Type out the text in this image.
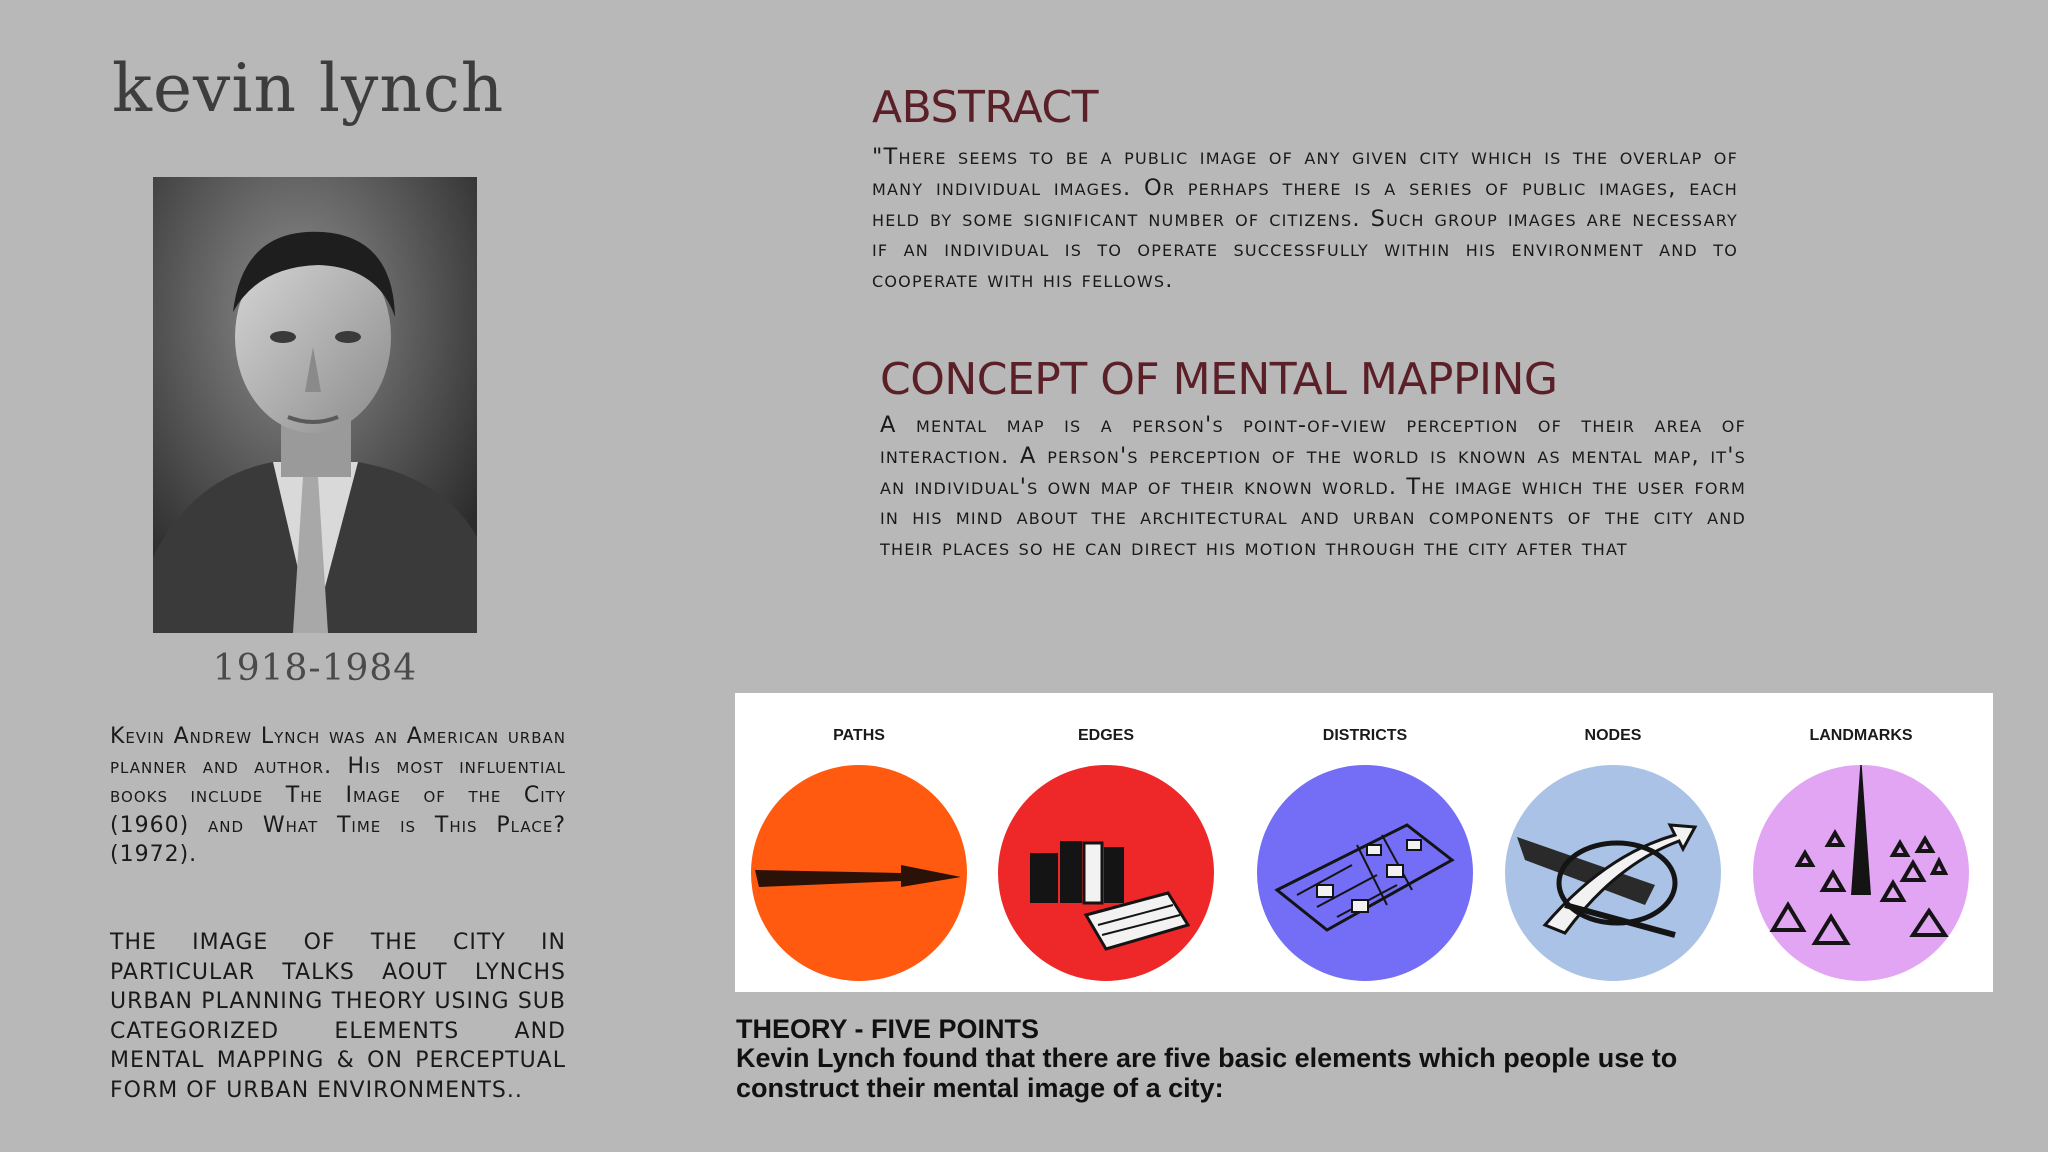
kevin lynch
1918-1984

Kevin Andrew Lynch was an American urban planner and author. His most influential books include The Image of the City (1960) and What Time is This Place? (1972).

THE IMAGE OF THE CITY IN PARTICULAR TALKS AOUT LYNCHS URBAN PLANNING THEORY USING SUB CATEGORIZED ELEMENTS AND MENTAL MAPPING & ON PERCEPTUAL FORM OF URBAN ENVIRONMENTS..

ABSTRACT

"There seems to be a public image of any given city which is the overlap of many individual images. Or perhaps there is a series of public images, each held by some significant number of citizens. Such group images are necessary if an individual is to operate successfully within his environment and to cooperate with his fellows.

CONCEPT OF MENTAL MAPPING

A mental map is a person's point-of-view perception of their area of interaction. A person's perception of the world is known as mental map, it's an individual's own map of their known world. The image which the user form in his mind about the architectural and urban components of the city and their places so he can direct his motion through the city after that

PATHS	EDGES	DISTRICTS	NODES	LANDMARKS

THEORY - FIVE POINTS

Kevin Lynch found that there are five basic elements which people use to construct their mental image of a city:
